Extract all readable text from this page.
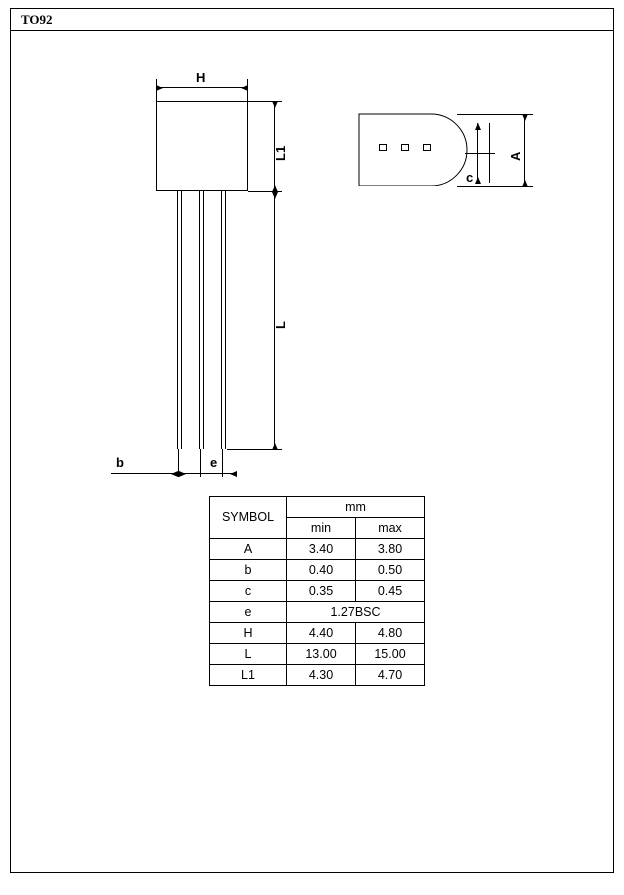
TO92
H
L1
L
e
b
A
c
SYMBOL	mm	
	min	max
A	3.40	3.80
b	0.40	0.50
c	0.35	0.45
e	1.27BSC	
H	4.40	4.80
L	13.00	15.00
L1	4.30	4.70
